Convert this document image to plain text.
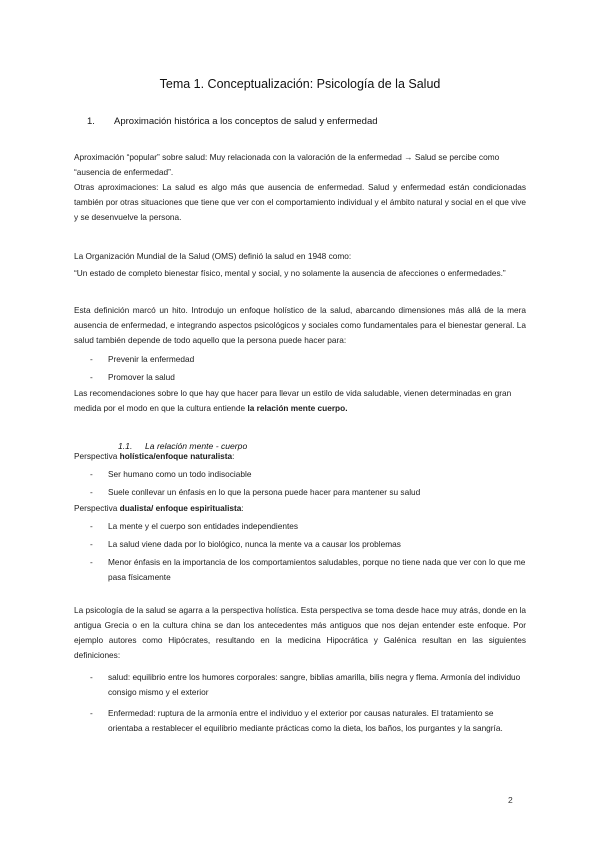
Tema 1. Conceptualización: Psicología de la Salud
1. Aproximación histórica a los conceptos de salud y enfermedad

Aproximación “popular” sobre salud: Muy relacionada con la valoración de la enfermedad → Salud se percibe como “ausencia de enfermedad”.

Otras aproximaciones: La salud es algo más que ausencia de enfermedad. Salud y enfermedad están condicionadas también por otras situaciones que tiene que ver con el comportamiento individual y el ámbito natural y social en el que vive y se desenvuelve la persona.

La Organización Mundial de la Salud (OMS) definió la salud en 1948 como:

“Un estado de completo bienestar físico, mental y social, y no solamente la ausencia de afecciones o enfermedades.”

Esta definición marcó un hito. Introdujo un enfoque holístico de la salud, abarcando dimensiones más allá de la mera ausencia de enfermedad, e integrando aspectos psicológicos y sociales como fundamentales para el bienestar general. La salud también depende de todo aquello que la persona puede hacer para:

- Prevenir la enfermedad
- Promover la salud

Las recomendaciones sobre lo que hay que hacer para llevar un estilo de vida saludable, vienen determinadas en gran medida por el modo en que la cultura entiende la relación mente cuerpo.

1.1. La relación mente - cuerpo

Perspectiva holística/enfoque naturalista:

- Ser humano como un todo indisociable
- Suele conllevar un énfasis en lo que la persona puede hacer para mantener su salud

Perspectiva dualista/ enfoque espiritualista:

- La mente y el cuerpo son entidades independientes
- La salud viene dada por lo biológico, nunca la mente va a causar los problemas
- Menor énfasis en la importancia de los comportamientos saludables, porque no tiene nada que ver con lo que me pasa físicamente

La psicología de la salud se agarra a la perspectiva holística. Esta perspectiva se toma desde hace muy atrás, donde en la antigua Grecia o en la cultura china se dan los antecedentes más antiguos que nos dejan entender este enfoque. Por ejemplo autores como Hipócrates, resultando en la medicina Hipocrática y Galénica resultan en las siguientes definiciones:

- salud: equilibrio entre los humores corporales: sangre, biblias amarilla, bilis negra y flema. Armonía del individuo consigo mismo y el exterior
- Enfermedad: ruptura de la armonía entre el individuo y el exterior por causas naturales. El tratamiento se orientaba a restablecer el equilibrio mediante prácticas como la dieta, los baños, los purgantes y la sangría.
2
